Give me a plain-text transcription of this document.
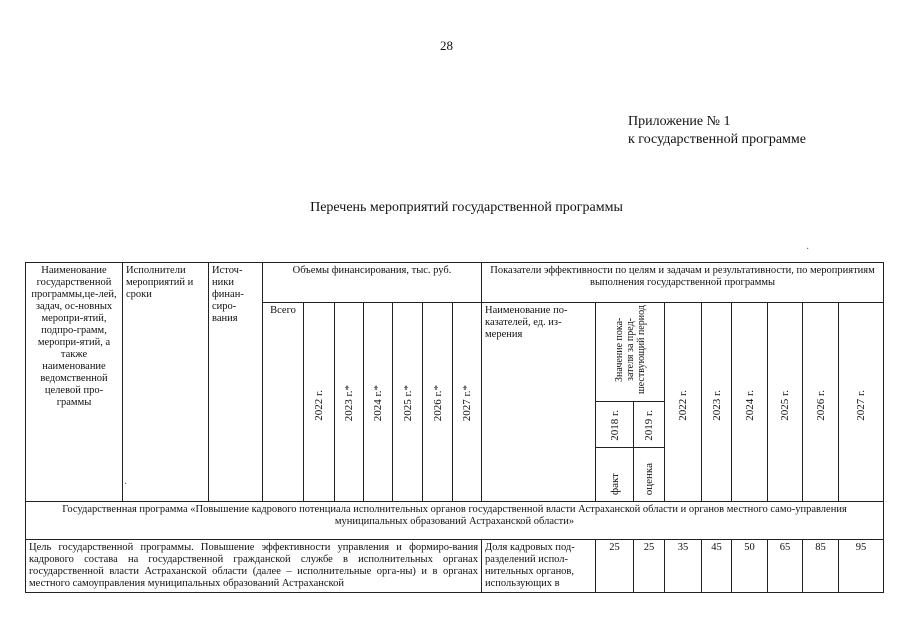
28
Приложение № 1
к государственной программе
Перечень мероприятий государственной программы
·
·
Наименование государственной программы,це-лей, задач, ос-новных меропри-ятий, подпро-грамм, меропри-ятий, а также наименование ведомственной целевой про-граммы	Исполнители мероприятий и сроки	Источ-ники финан-сиро-вания	Объемы финансирования, тыс. руб.							Показатели эффективности по целям и задачам и результативности, по мероприятиям выполнения государственной программы								
			Всего	2022 г.	2023 г.*	2024 г.*	2025 г.*	2026 г.*	2027 г.*	Наименование по-казателей, ед. из-мерения	Значение пока-зателя за пред-шествующий период		2022 г.	2023 г.	2024 г.	2025 г.	2026 г.	2027 г.
											2018 г.	2019 г.						
											факт	оценка						
Государственная программа «Повышение кадрового потенциала исполнительных органов государственной власти Астраханской области и органов местного само-управления муниципальных образований Астраханской области»																		
Цель государственной программы. Повышение эффективности управления и формиро-вания кадрового состава на государственной гражданской службе в исполнительных органах государственной власти Астраханской области (далее – исполнительные орга-ны) и в органах местного самоуправления муниципальных образований Астраханской										Доля кадровых под-разделений испол-нительных органов, использующих в	25	25	35	45	50	65	85	95
